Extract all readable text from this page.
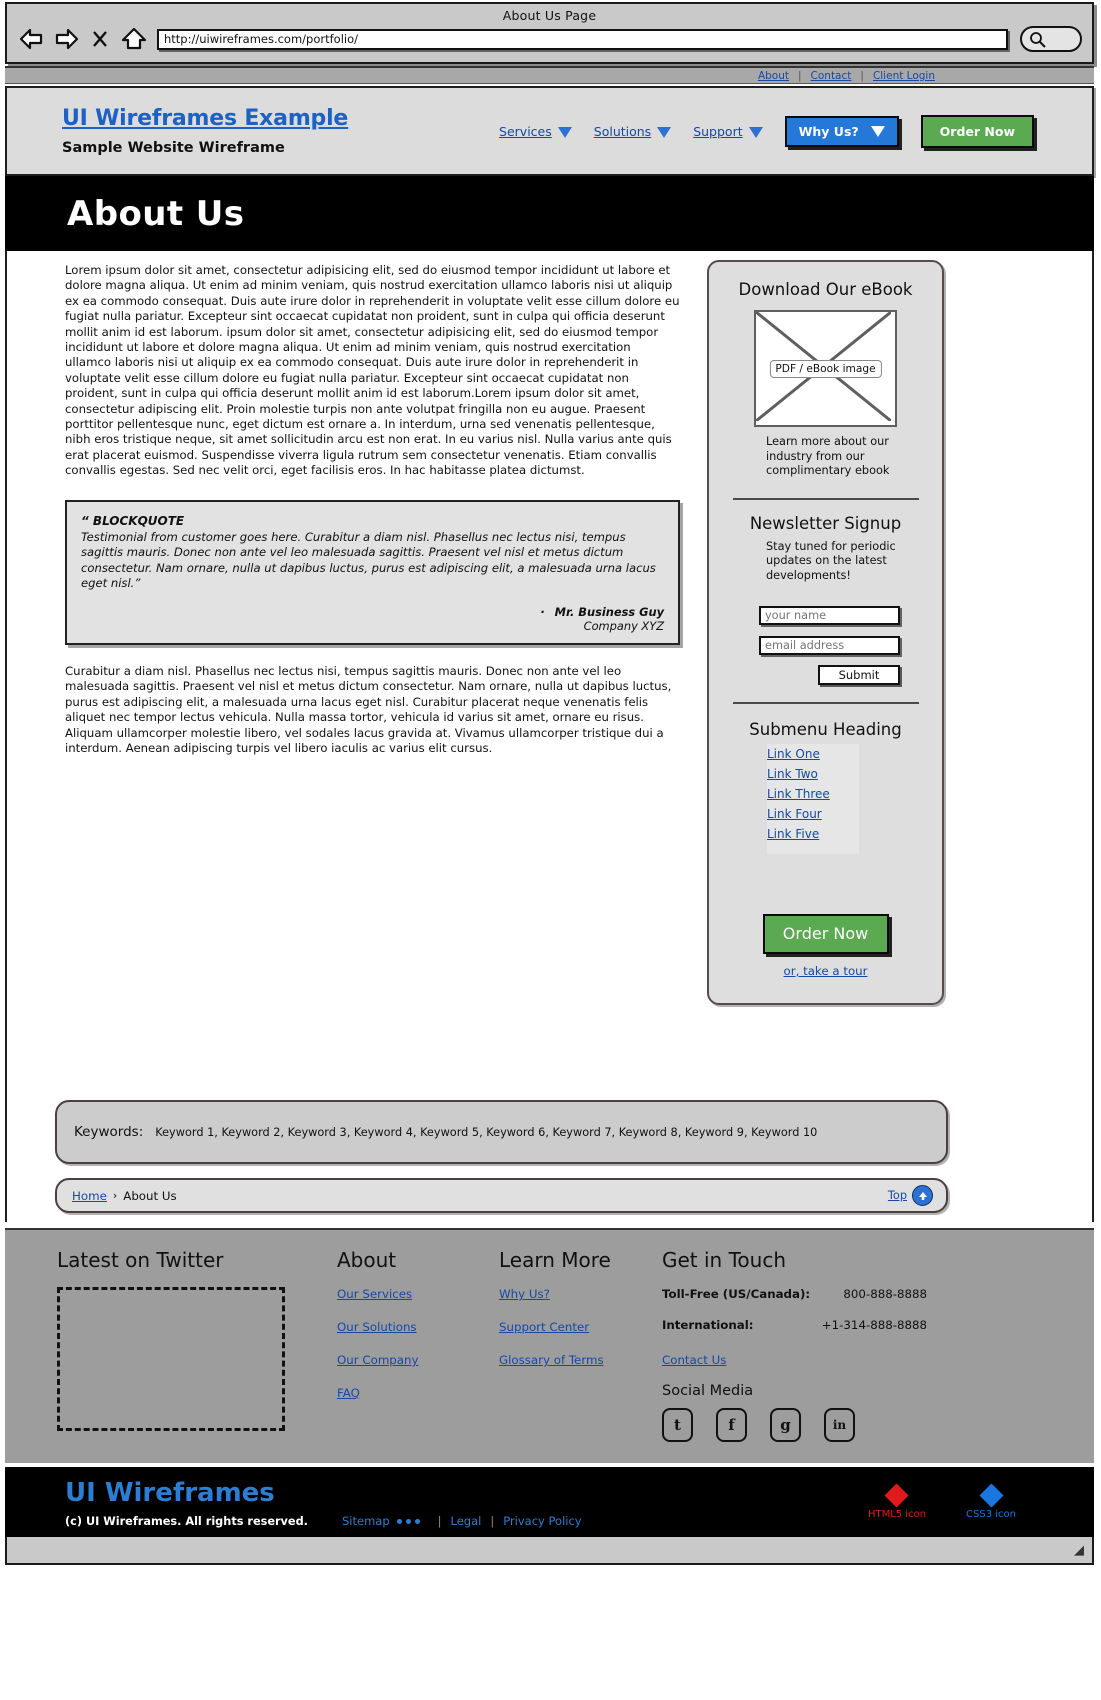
About Us Page
http://uiwireframes.com/portfolio/
About | Contact | Client Login
UI Wireframes Example
Sample Website Wireframe
Services	Solutions	Support	Why Us?	Order Now
About Us

Lorem ipsum dolor sit amet, consectetur adipisicing elit, sed do eiusmod tempor incididunt ut labore et dolore magna aliqua. Ut enim ad minim veniam, quis nostrud exercitation ullamco laboris nisi ut aliquip ex ea commodo consequat. Duis aute irure dolor in reprehenderit in voluptate velit esse cillum dolore eu fugiat nulla pariatur. Excepteur sint occaecat cupidatat non proident, sunt in culpa qui officia deserunt mollit anim id est laborum. ipsum dolor sit amet, consectetur adipisicing elit, sed do eiusmod tempor incididunt ut labore et dolore magna aliqua. Ut enim ad minim veniam, quis nostrud exercitation ullamco laboris nisi ut aliquip ex ea commodo consequat. Duis aute irure dolor in reprehenderit in voluptate velit esse cillum dolore eu fugiat nulla pariatur. Excepteur sint occaecat cupidatat non proident, sunt in culpa qui officia deserunt mollit anim id est laborum.Lorem ipsum dolor sit amet, consectetur adipiscing elit. Proin molestie turpis non ante volutpat fringilla non eu augue. Praesent porttitor pellentesque nunc, eget dictum est ornare a. In interdum, urna sed venenatis pellentesque, nibh eros tristique neque, sit amet sollicitudin arcu est non erat. In eu varius nisl. Nulla varius ante quis erat placerat euismod. Suspendisse viverra ligula rutrum sem consectetur venenatis. Etiam convallis convallis egestas. Sed nec velit orci, eget facilisis eros. In hac habitasse platea dictumst.

“ BLOCKQUOTE
Testimonial from customer goes here. Curabitur a diam nisl. Phasellus nec lectus nisi, tempus sagittis mauris. Donec non ante vel leo malesuada sagittis. Praesent vel nisl et metus dictum consectetur. Nam ornare, nulla ut dapibus luctus, purus est adipiscing elit, a malesuada urna lacus eget nisl.”
· Mr. Business Guy
Company XYZ

Curabitur a diam nisl. Phasellus nec lectus nisi, tempus sagittis mauris. Donec non ante vel leo malesuada sagittis. Praesent vel nisl et metus dictum consectetur. Nam ornare, nulla ut dapibus luctus, purus est adipiscing elit, a malesuada urna lacus eget nisl. Curabitur placerat neque venenatis felis aliquet nec tempor lectus vehicula. Nulla massa tortor, vehicula id varius sit amet, ornare eu risus. Aliquam ullamcorper molestie libero, vel sodales lacus gravida at. Vivamus ullamcorper tristique dui a interdum. Aenean adipiscing turpis vel libero iaculis ac varius elit cursus.

Download Our eBook
PDF / eBook image
Learn more about our industry from our complimentary ebook
Newsletter Signup
Stay tuned for periodic updates on the latest developments!
your name
email address
Submit
Submenu Heading
Link One
Link Two
Link Three
Link Four
Link Five
Order Now
or, take a tour
Keywords: Keyword 1, Keyword 2, Keyword 3, Keyword 4, Keyword 5, Keyword 6, Keyword 7, Keyword 8, Keyword 9, Keyword 10
Home › About Us	Top
Latest on Twitter	About
Our Services
Our Solutions
Our Company
FAQ
Learn More
Why Us?
Support Center
Glossary of Terms
Get in Touch
Toll-Free (US/Canada):	800-888-8888
International:	+1-314-888-8888
Contact Us
Social Media
t	f	g	in
UI Wireframes
(c) UI Wireframes. All rights reserved.	Sitemap	| Legal | Privacy Policy	HTML5 icon	CSS3 icon
◢
